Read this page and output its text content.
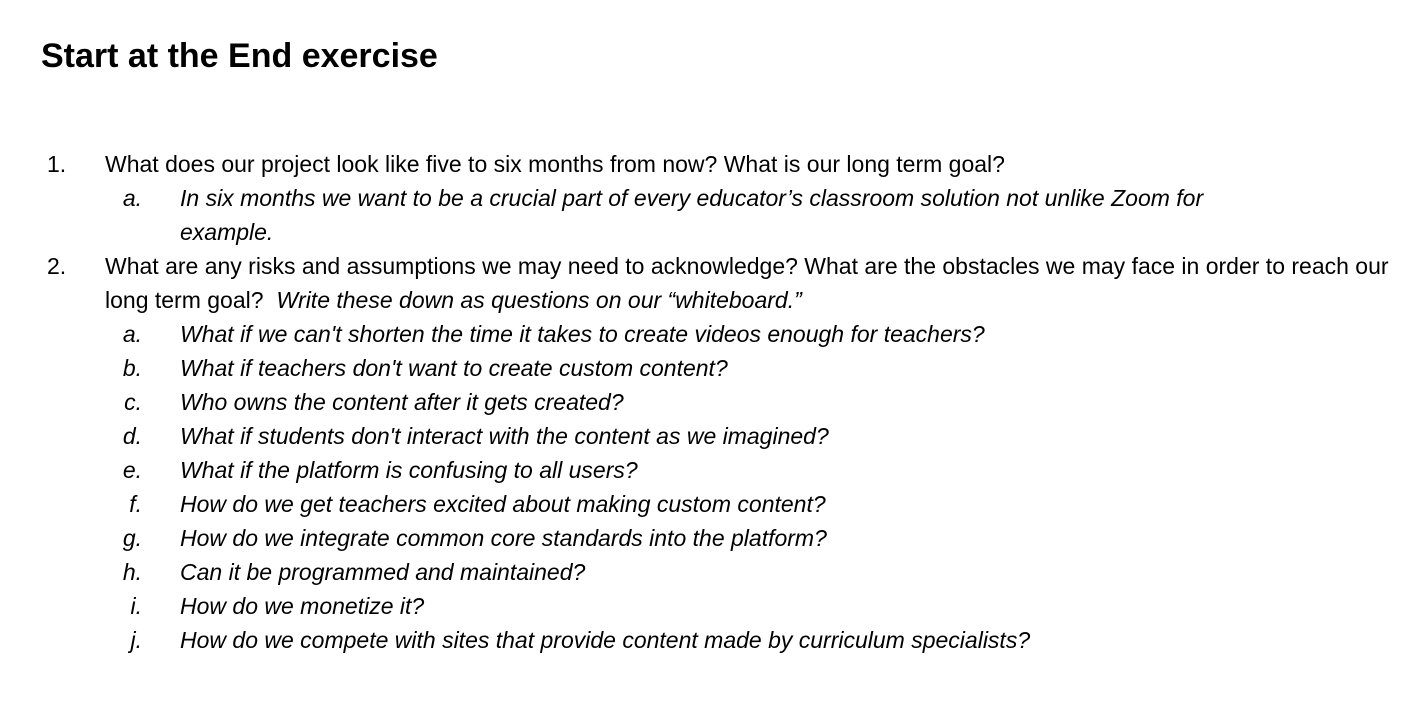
Start at the End exercise
1. What does our project look like five to six months from now? What is our long term goal?
a. In six months we want to be a crucial part of every educator’s classroom solution not unlike Zoom for example.
2. What are any risks and assumptions we may need to acknowledge? What are the obstacles we may face in order to reach our long term goal? Write these down as questions on our “whiteboard.”
a. What if we can't shorten the time it takes to create videos enough for teachers?
b. What if teachers don't want to create custom content?
c. Who owns the content after it gets created?
d. What if students don't interact with the content as we imagined?
e. What if the platform is confusing to all users?
f. How do we get teachers excited about making custom content?
g. How do we integrate common core standards into the platform?
h. Can it be programmed and maintained?
i. How do we monetize it?
j. How do we compete with sites that provide content made by curriculum specialists?
